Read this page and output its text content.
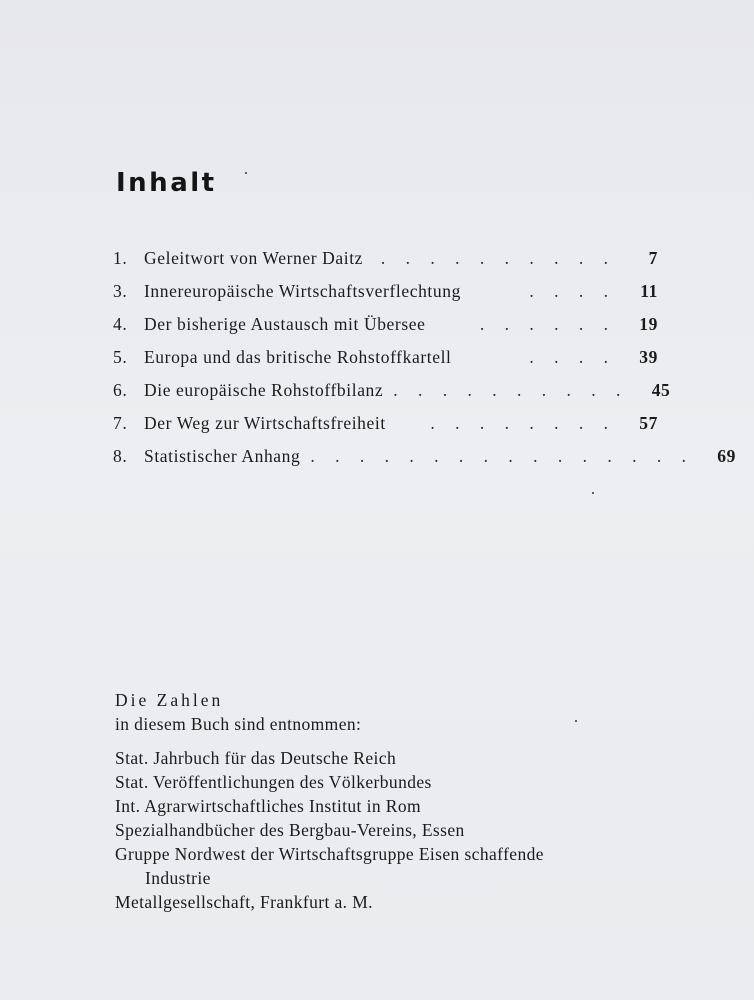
Inhalt
1. Geleitwort von Werner Daitz	. . . . . . . . . .	7
3. Innereuropäische Wirtschaftsverflechtung	. . . .	11
4. Der bisherige Austausch mit Übersee	. . . . . .	19
5. Europa und das britische Rohstoffkartell	. . . .	39
6. Die europäische Rohstoffbilanz . . . . . . . . . .	45
7. Der Weg zur Wirtschaftsfreiheit	. . . . . . . .	57
8. Statistischer Anhang . . . . . . . . . . . . . . . .	69
Die Zahlen
in diesem Buch sind entnommen:
Stat. Jahrbuch für das Deutsche Reich
Stat. Veröffentlichungen des Völkerbundes
Int. Agrarwirtschaftliches Institut in Rom
Spezialhandbücher des Bergbau-Vereins, Essen
Gruppe Nordwest der Wirtschaftsgruppe Eisen schaffende
Industrie
Metallgesellschaft, Frankfurt a. M.
